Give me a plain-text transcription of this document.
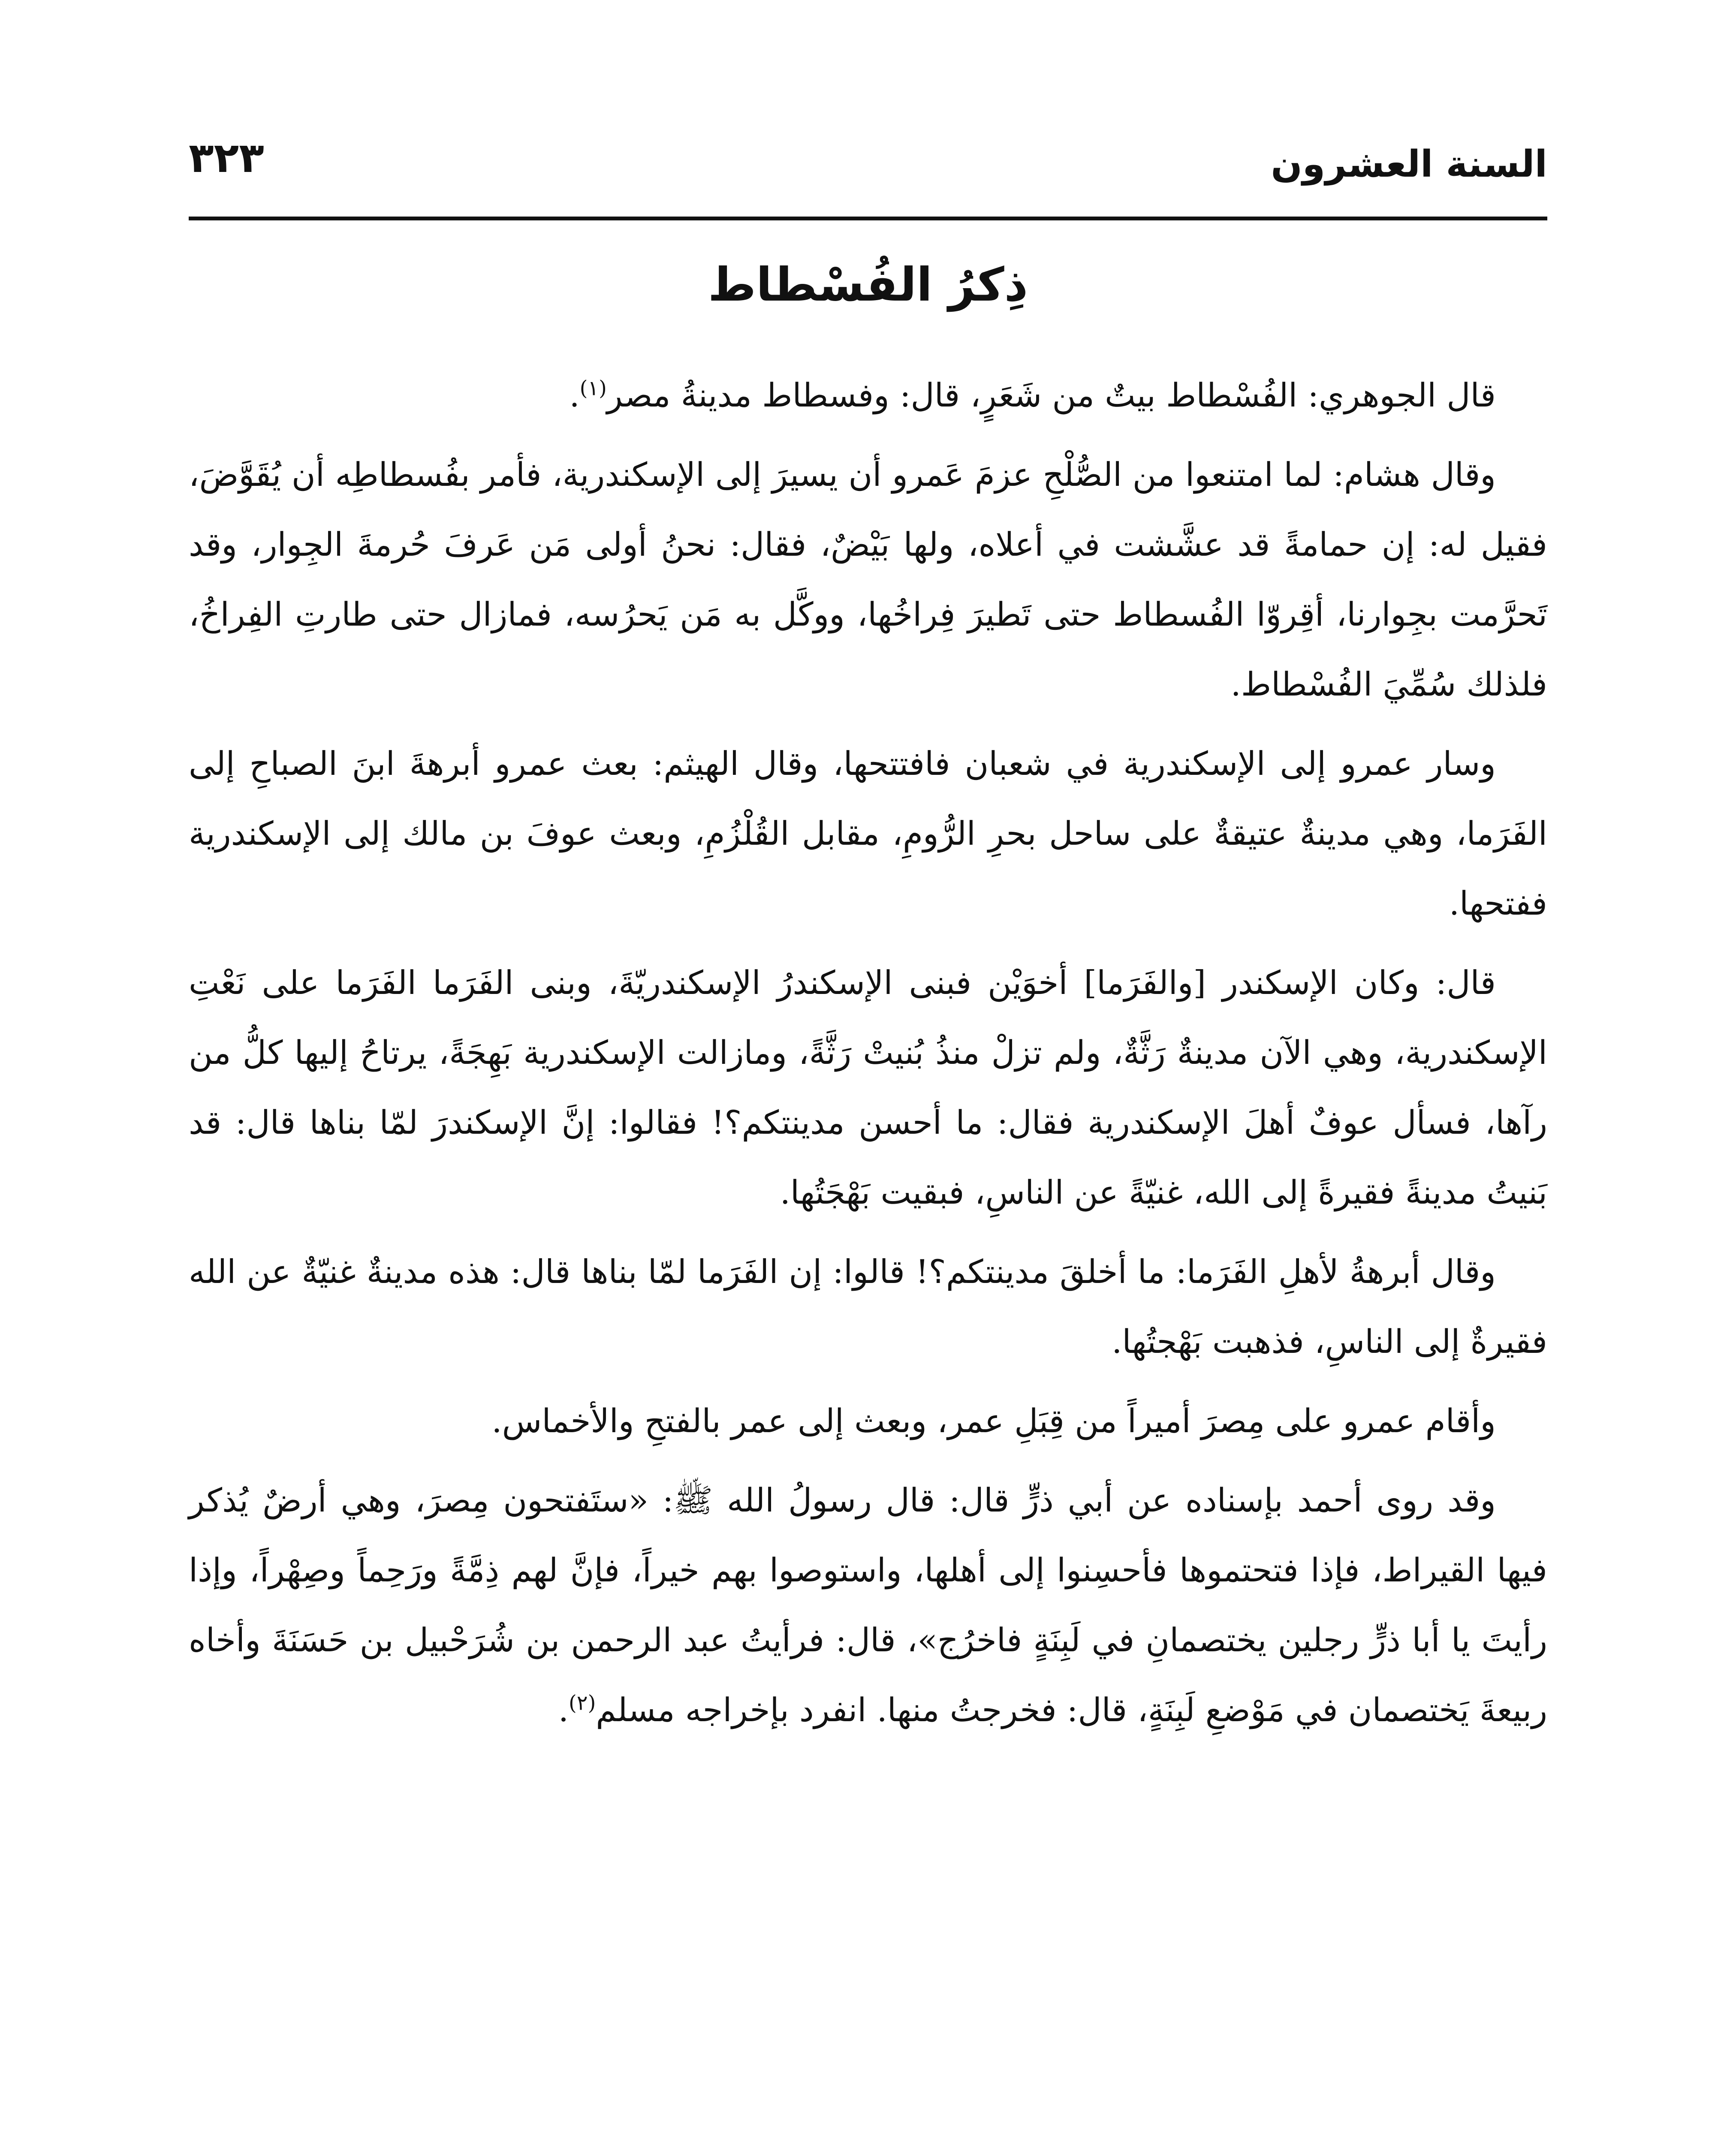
السنة العشرون
٣٢٣
ذِكرُ الفُسْطاط

قال الجوهري: الفُسْطاط بيتٌ من شَعَرٍ، قال: وفسطاط مدينةُ مصر$^{(١)}$.

وقال هشام: لما امتنعوا من الصُّلْحِ عزمَ عَمرو أن يسيرَ إلى الإسكندرية، فأمر بفُسطاطِه أن يُقَوَّضَ، فقيل له: إن حمامةً قد عشَّشت في أعلاه، ولها بَيْضٌ، فقال: نحنُ أولى مَن عَرفَ حُرمةَ الجِوار، وقد تَحرَّمت بجِوارنا، أقِروّا الفُسطاط حتى تَطيرَ فِراخُها، ووكَّل به مَن يَحرُسه، فمازال حتى طارتِ الفِراخُ، فلذلك سُمِّيَ الفُسْطاط.

وسار عمرو إلى الإسكندرية في شعبان فافتتحها، وقال الهيثم: بعث عمرو أبرهةَ ابنَ الصباحِ إلى الفَرَما، وهي مدينةٌ عتيقةٌ على ساحل بحرِ الرُّومِ، مقابل القُلْزُمِ، وبعث عوفَ بن مالك إلى الإسكندرية ففتحها.

قال: وكان الإسكندر [والفَرَما] أخوَيْن فبنى الإسكندرُ الإسكندريّةَ، وبنى الفَرَما الفَرَما على نَعْتِ الإسكندرية، وهي الآن مدينةٌ رَثَّةٌ، ولم تزلْ منذُ بُنيتْ رَثَّةً، ومازالت الإسكندرية بَهِجَةً، يرتاحُ إليها كلُّ من رآها، فسأل عوفٌ أهلَ الإسكندرية فقال: ما أحسن مدينتكم؟! فقالوا: إنَّ الإسكندرَ لمّا بناها قال: قد بَنيتُ مدينةً فقيرةً إلى الله، غنيّةً عن الناسِ، فبقيت بَهْجَتُها.

وقال أبرهةُ لأهلِ الفَرَما: ما أخلقَ مدينتكم؟! قالوا: إن الفَرَما لمّا بناها قال: هذه مدينةٌ غنيّةٌ عن الله فقيرةٌ إلى الناسِ، فذهبت بَهْجتُها.

وأقام عمرو على مِصرَ أميراً من قِبَلِ عمر، وبعث إلى عمر بالفتحِ والأخماس.

وقد روى أحمد بإسناده عن أبي ذرٍّ قال: قال رسولُ الله ﷺ: «ستَفتحون مِصرَ، وهي أرضٌ يُذكر فيها القيراط، فإذا فتحتموها فأحسِنوا إلى أهلها، واستوصوا بهم خيراً، فإنَّ لهم ذِمَّةً ورَحِماً وصِهْراً، وإذا رأيتَ يا أبا ذرٍّ رجلين يختصمانِ في لَبِنَةٍ فاخرُج»، قال: فرأيتُ عبد الرحمن بن شُرَحْبيل بن حَسَنَةَ وأخاه ربيعةَ يَختصمان في مَوْضعِ لَبِنَةٍ، قال: فخرجتُ منها. انفرد بإخراجه مسلم$^{(٢)}$.
